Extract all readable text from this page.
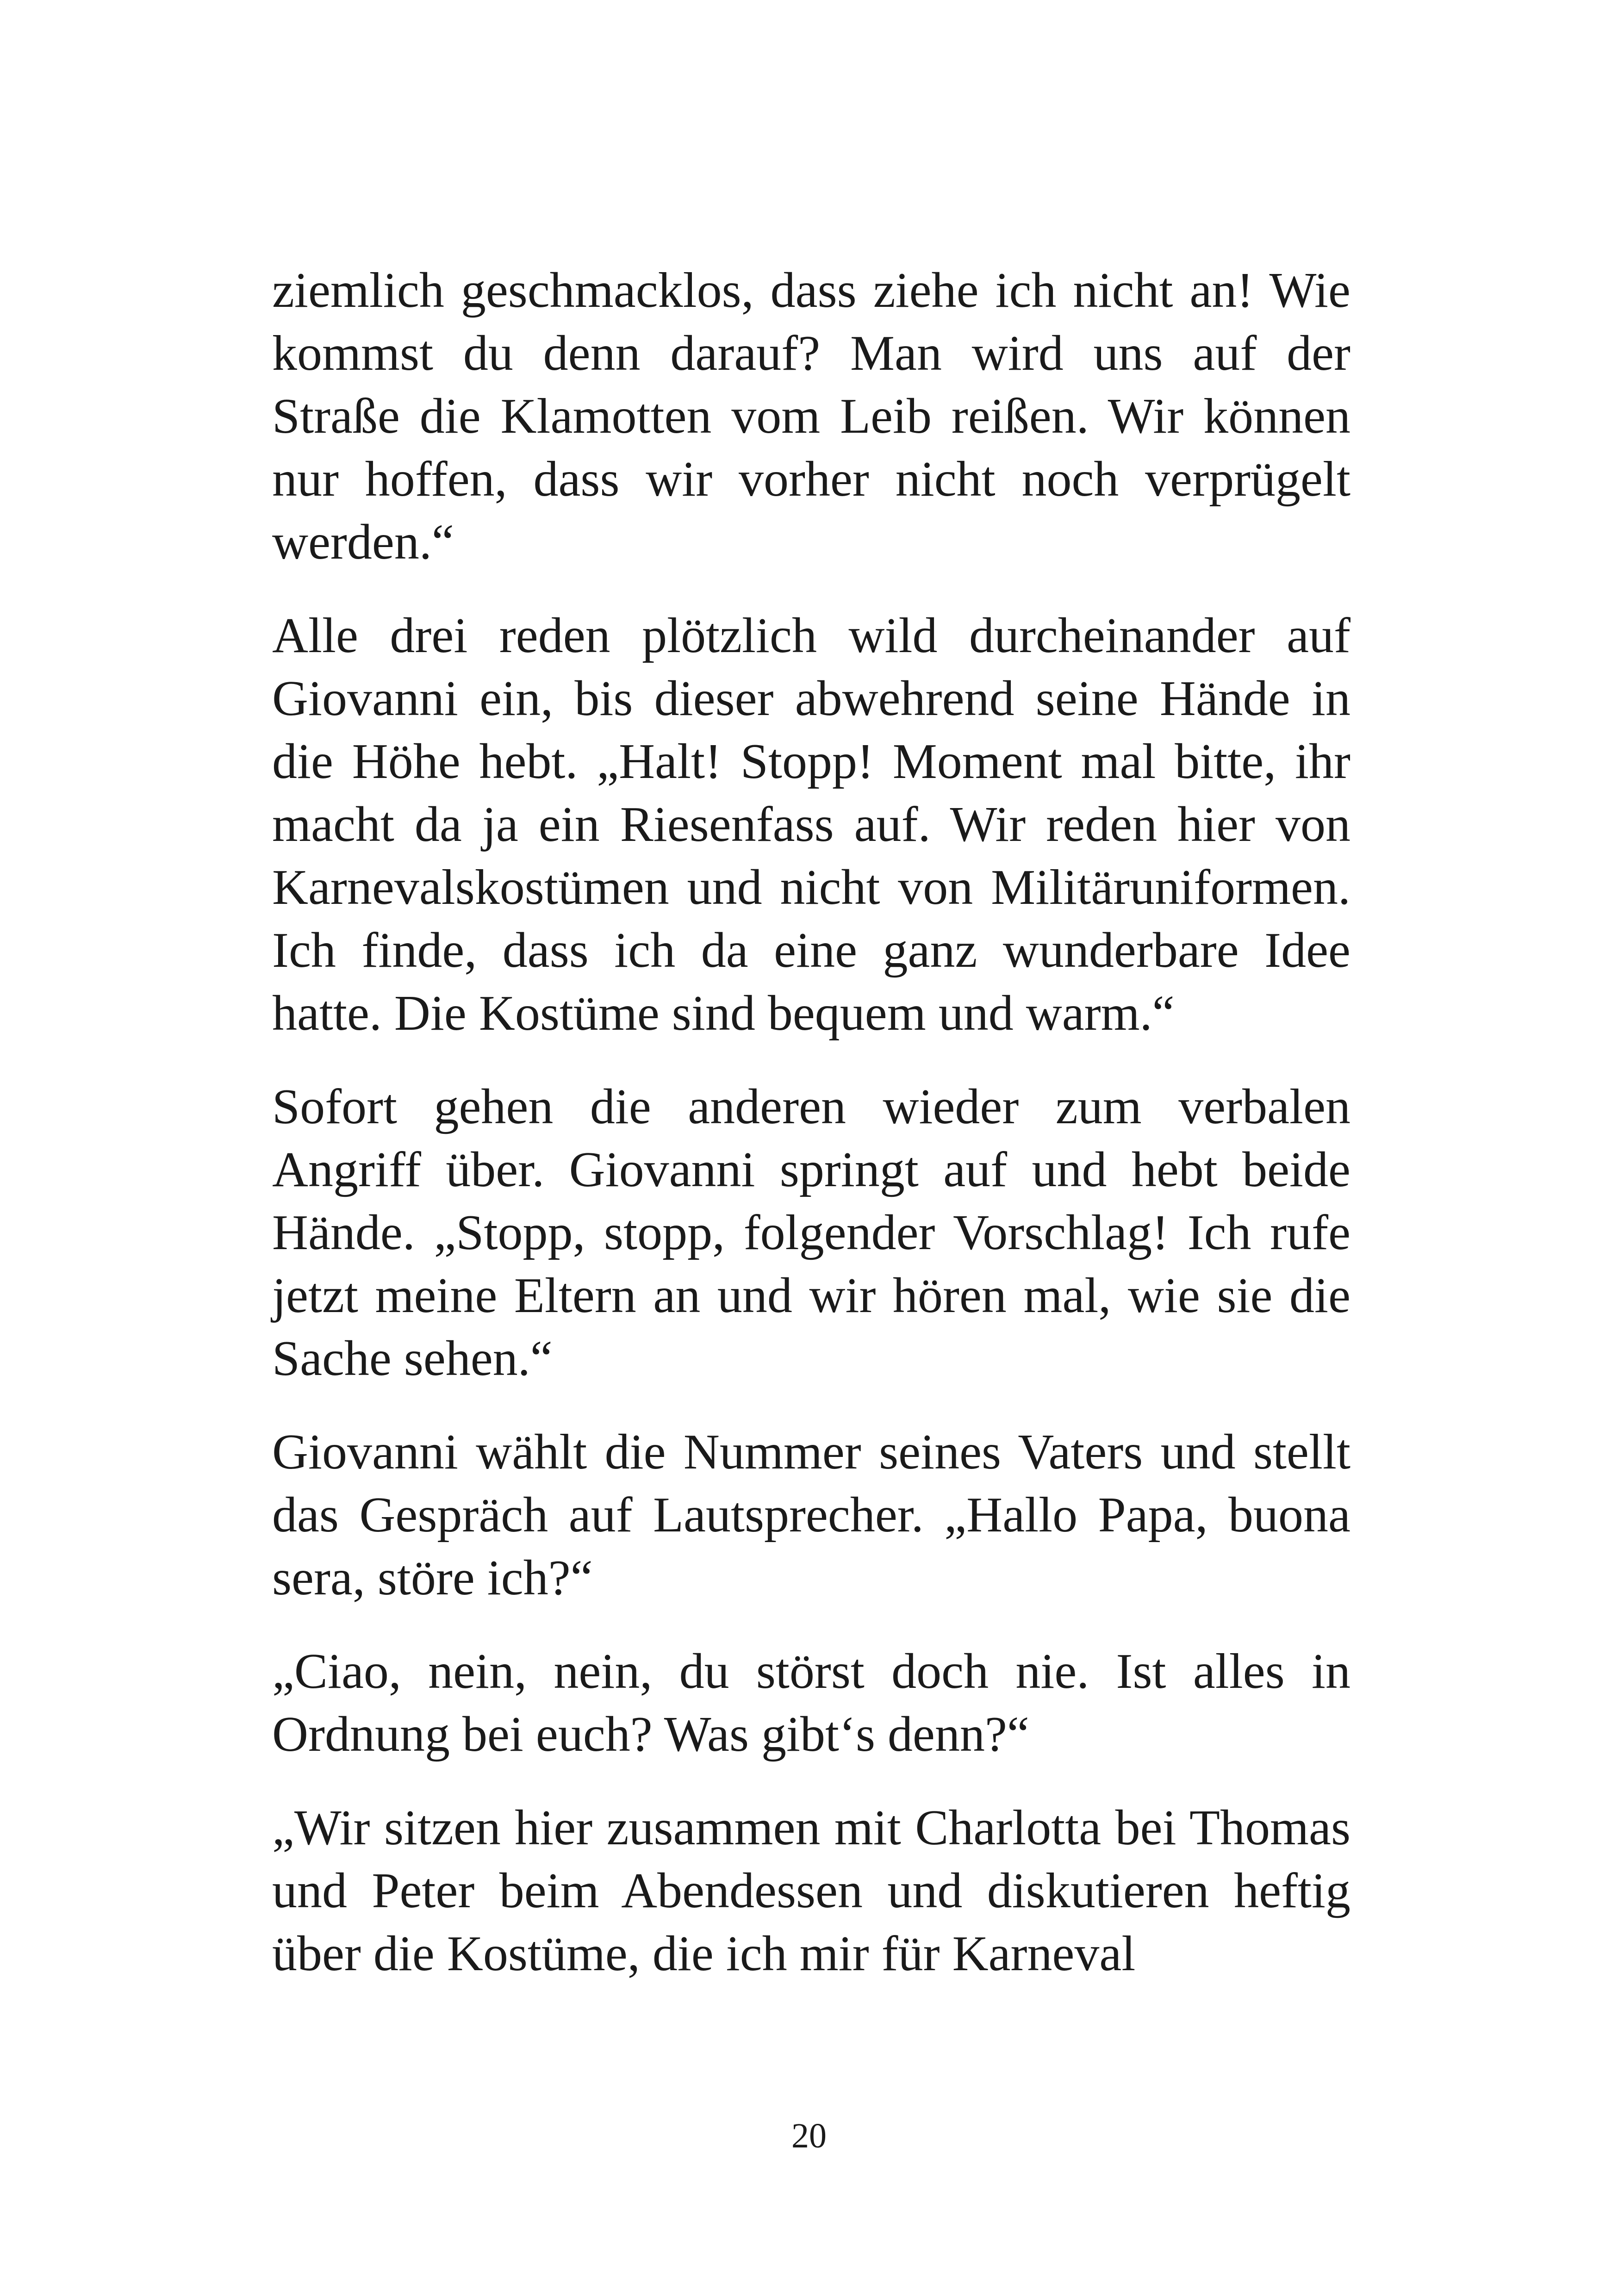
ziemlich geschmacklos, dass ziehe ich nicht an! Wie kommst du denn darauf? Man wird uns auf der Straße die Klamotten vom Leib reißen. Wir können nur hoffen, dass wir vorher nicht noch verprügelt werden.“

Alle drei reden plötzlich wild durcheinander auf Giovanni ein, bis dieser abwehrend seine Hände in die Höhe hebt. „Halt! Stopp! Moment mal bitte, ihr macht da ja ein Riesenfass auf. Wir reden hier von Karnevalskostümen und nicht von Militäruniformen. Ich finde, dass ich da eine ganz wunderbare Idee hatte. Die Kostüme sind bequem und warm.“

Sofort gehen die anderen wieder zum verbalen Angriff über. Giovanni springt auf und hebt beide Hände. „Stopp, stopp, folgender Vorschlag! Ich rufe jetzt meine Eltern an und wir hören mal, wie sie die Sache sehen.“

Giovanni wählt die Nummer seines Vaters und stellt das Gespräch auf Lautsprecher. „Hallo Papa, buona sera, störe ich?“

„Ciao, nein, nein, du störst doch nie. Ist alles in Ordnung bei euch? Was gibt‘s denn?“

„Wir sitzen hier zusammen mit Charlotta bei Thomas und Peter beim Abendessen und diskutieren heftig über die Kostüme, die ich mir für Karneval

20
